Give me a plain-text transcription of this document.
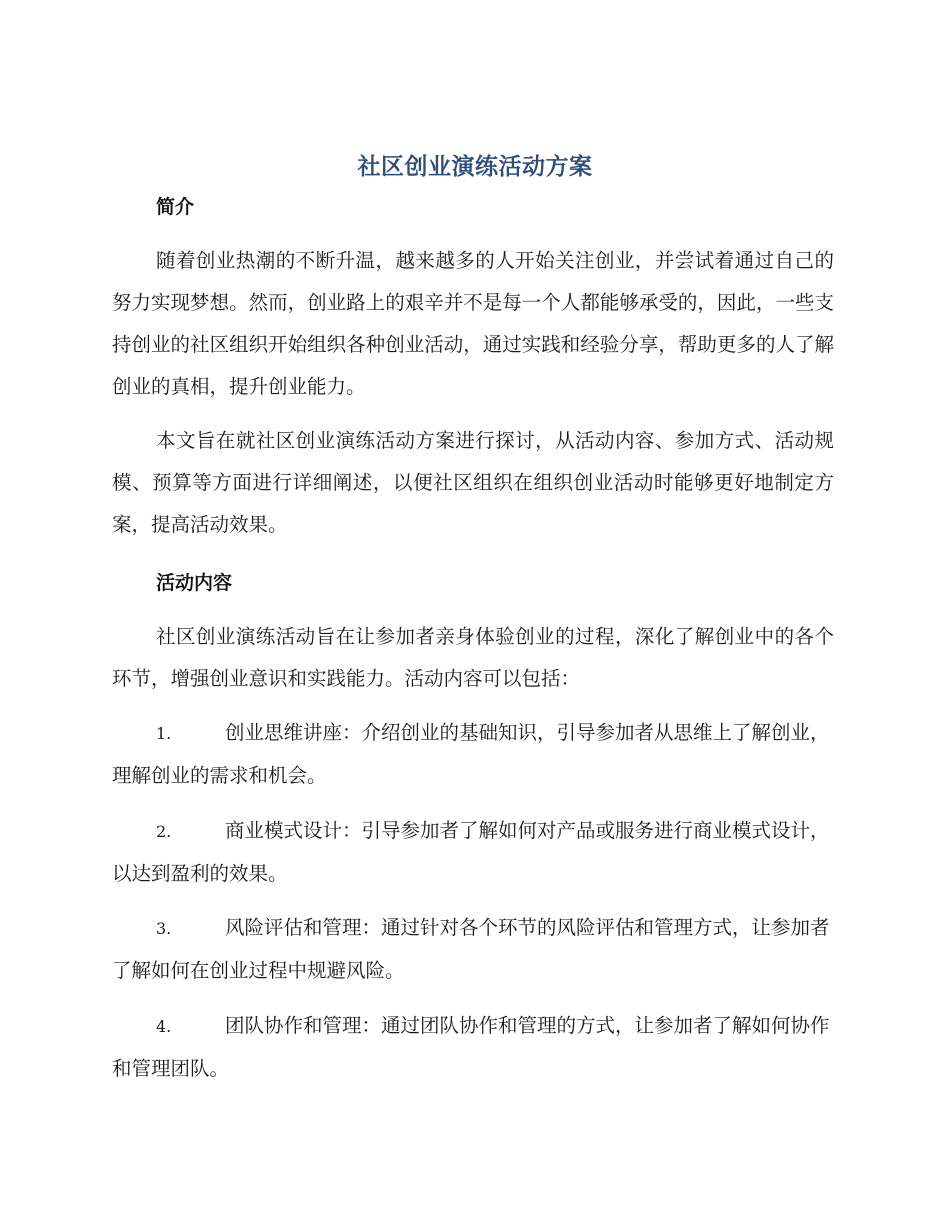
社区创业演练活动方案
简介

随着创业热潮的不断升温，越来越多的人开始关注创业，并尝试着通过自己的努力实现梦想。然而，创业路上的艰辛并不是每一个人都能够承受的，因此，一些支持创业的社区组织开始组织各种创业活动，通过实践和经验分享，帮助更多的人了解创业的真相，提升创业能力。

本文旨在就社区创业演练活动方案进行探讨，从活动内容、参加方式、活动规模、预算等方面进行详细阐述，以便社区组织在组织创业活动时能够更好地制定方案，提高活动效果。

活动内容

社区创业演练活动旨在让参加者亲身体验创业的过程，深化了解创业中的各个环节，增强创业意识和实践能力。活动内容可以包括：

1.	创业思维讲座：介绍创业的基础知识，引导参加者从思维上了解创业，理解创业的需求和机会。

2.	商业模式设计：引导参加者了解如何对产品或服务进行商业模式设计，以达到盈利的效果。

3.	风险评估和管理：通过针对各个环节的风险评估和管理方式，让参加者了解如何在创业过程中规避风险。

4.	团队协作和管理：通过团队协作和管理的方式，让参加者了解如何协作和管理团队。
